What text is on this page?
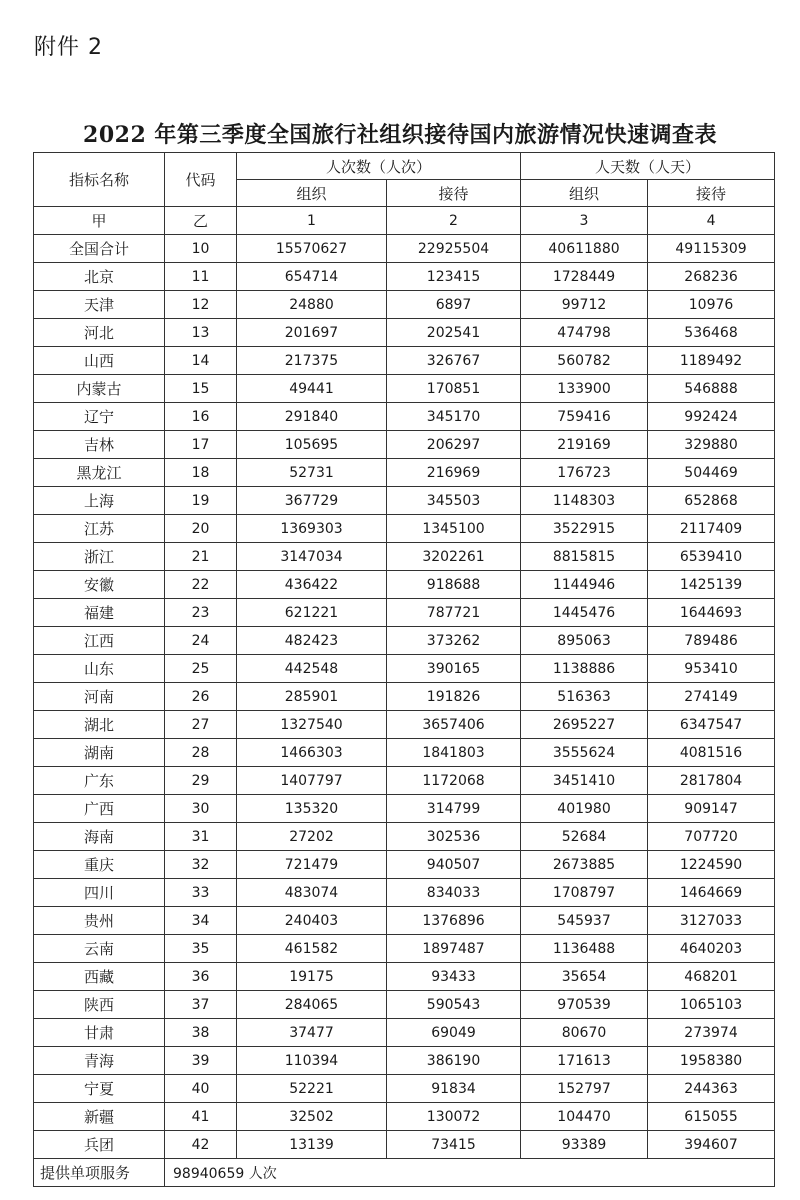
附件 2
2022 年第三季度全国旅行社组织接待国内旅游情况快速调查表
指标名称	代码	人次数（人次）		人天数（人天）	
		组织	接待	组织	接待
甲	乙	1	2	3	4
全国合计	10	15570627	22925504	40611880	49115309
北京	11	654714	123415	1728449	268236
天津	12	24880	6897	99712	10976
河北	13	201697	202541	474798	536468
山西	14	217375	326767	560782	1189492
内蒙古	15	49441	170851	133900	546888
辽宁	16	291840	345170	759416	992424
吉林	17	105695	206297	219169	329880
黑龙江	18	52731	216969	176723	504469
上海	19	367729	345503	1148303	652868
江苏	20	1369303	1345100	3522915	2117409
浙江	21	3147034	3202261	8815815	6539410
安徽	22	436422	918688	1144946	1425139
福建	23	621221	787721	1445476	1644693
江西	24	482423	373262	895063	789486
山东	25	442548	390165	1138886	953410
河南	26	285901	191826	516363	274149
湖北	27	1327540	3657406	2695227	6347547
湖南	28	1466303	1841803	3555624	4081516
广东	29	1407797	1172068	3451410	2817804
广西	30	135320	314799	401980	909147
海南	31	27202	302536	52684	707720
重庆	32	721479	940507	2673885	1224590
四川	33	483074	834033	1708797	1464669
贵州	34	240403	1376896	545937	3127033
云南	35	461582	1897487	1136488	4640203
西藏	36	19175	93433	35654	468201
陕西	37	284065	590543	970539	1065103
甘肃	38	37477	69049	80670	273974
青海	39	110394	386190	171613	1958380
宁夏	40	52221	91834	152797	244363
新疆	41	32502	130072	104470	615055
兵团	42	13139	73415	93389	394607
提供单项服务	98940659 人次				
